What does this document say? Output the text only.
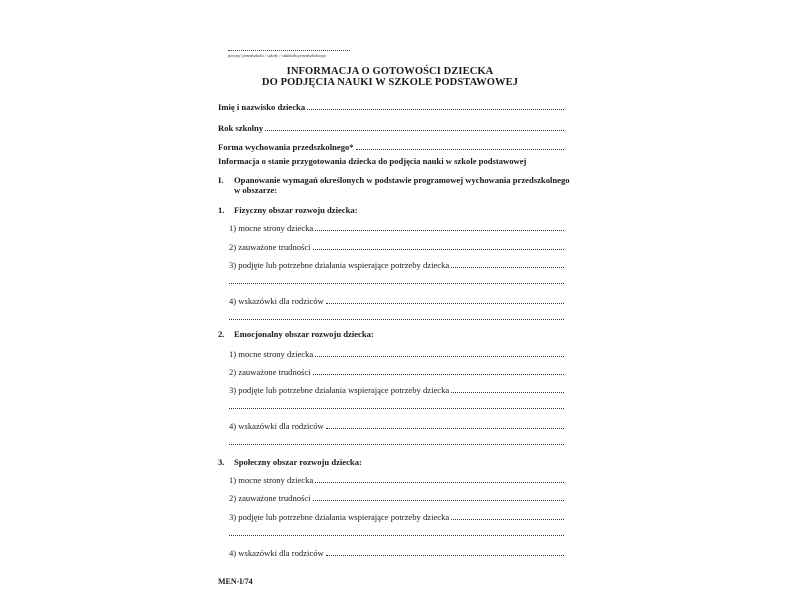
pieczęć przedszkola / szkoły / oddziału przedszkolnego
INFORMACJA O GOTOWOŚCI DZIECKA
DO PODJĘCIA NAUKI W SZKOLE PODSTAWOWEJ
Imię i nazwisko dziecka
Rok szkolny
Forma wychowania przedszkolnego*
Informacja o stanie przygotowania dziecka do podjęcia nauki w szkole podstawowej
I.	Opanowanie wymagań określonych w podstawie programowej wychowania przedszkolnego
w obszarze:
1.	Fizyczny obszar rozwoju dziecka:
1) mocne strony dziecka
2) zauważone trudności
3) podjęte lub potrzebne działania wspierające potrzeby dziecka
4) wskazówki dla rodziców
2.	Emocjonalny obszar rozwoju dziecka:
1) mocne strony dziecka
2) zauważone trudności
3) podjęte lub potrzebne działania wspierające potrzeby dziecka
4) wskazówki dla rodziców
3.	Społeczny obszar rozwoju dziecka:
1) mocne strony dziecka
2) zauważone trudności
3) podjęte lub potrzebne działania wspierające potrzeby dziecka
4) wskazówki dla rodziców
MEN-I/74
